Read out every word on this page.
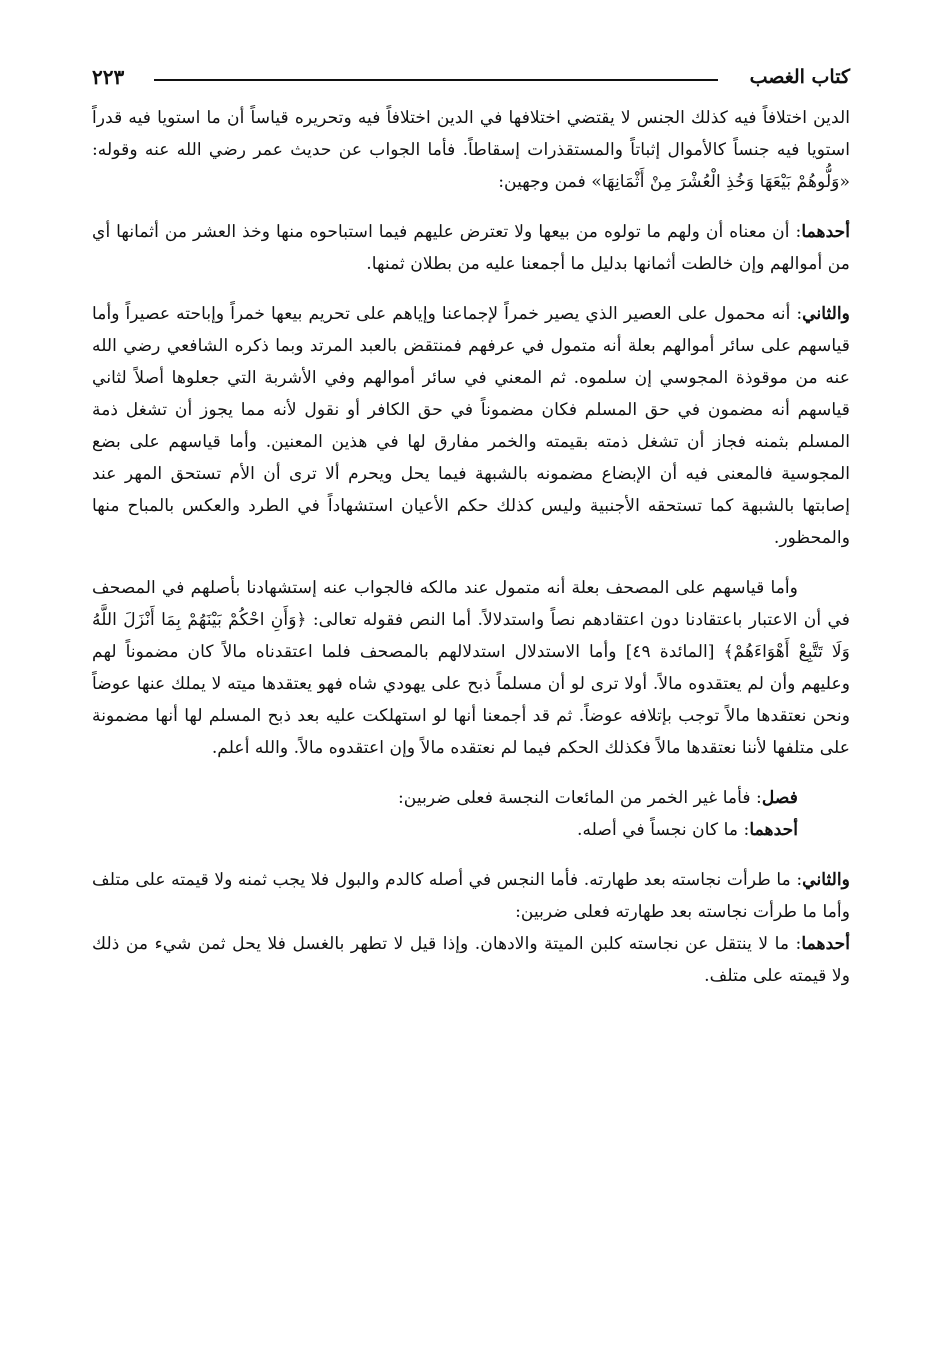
كتاب الغصب
٢٢٣

الدين اختلافاً فيه كذلك الجنس لا يقتضي اختلافها في الدين اختلافاً فيه وتحريره قياساً أن ما استويا فيه قدراً استويا فيه جنساً كالأموال إثباتاً والمستقذرات إسقاطاً. فأما الجواب عن حديث عمر رضي الله عنه وقوله: «وَلُّوهُمْ بَيْعَهَا وَخُذِ الْعُشْرَ مِنْ أَثْمَانِهَا» فمن وجهين:

أحدهما: أن معناه أن ولهم ما تولوه من بيعها ولا تعترض عليهم فيما استباحوه منها وخذ العشر من أثمانها أي من أموالهم وإن خالطت أثمانها بدليل ما أجمعنا عليه من بطلان ثمنها.

والثاني: أنه محمول على العصير الذي يصير خمراً لإجماعنا وإياهم على تحريم بيعها خمراً وإباحته عصيراً وأما قياسهم على سائر أموالهم بعلة أنه متمول في عرفهم فمنتقض بالعبد المرتد وبما ذكره الشافعي رضي الله عنه من موقوذة المجوسي إن سلموه. ثم المعني في سائر أموالهم وفي الأشربة التي جعلوها أصلاً لثاني قياسهم أنه مضمون في حق المسلم فكان مضموناً في حق الكافر أو نقول لأنه مما يجوز أن تشغل ذمة المسلم بثمنه فجاز أن تشغل ذمته بقيمته والخمر مفارق لها في هذين المعنين. وأما قياسهم على بضع المجوسية فالمعنى فيه أن الإبضاع مضمونه بالشبهة فيما يحل ويحرم ألا ترى أن الأم تستحق المهر عند إصابتها بالشبهة كما تستحقه الأجنبية وليس كذلك حكم الأعيان استشهاداً في الطرد والعكس بالمباح منها والمحظور.

وأما قياسهم على المصحف بعلة أنه متمول عند مالكه فالجواب عنه إستشهادنا بأصلهم في المصحف في أن الاعتبار باعتقادنا دون اعتقادهم نصاً واستدلالاً. أما النص فقوله تعالى: ﴿وَأَنِ احْكُمْ بَيْنَهُمْ بِمَا أَنْزَلَ اللَّهُ وَلَا تَتَّبِعْ أَهْوَاءَهُمْ﴾ [المائدة ٤٩] وأما الاستدلال استدلالهم بالمصحف فلما اعتقدناه مالاً كان مضموناً لهم وعليهم وأن لم يعتقدوه مالاً. أولا ترى لو أن مسلماً ذبح على يهودي شاه فهو يعتقدها ميته لا يملك عنها عوضاً ونحن نعتقدها مالاً توجب بإتلافه عوضاً. ثم قد أجمعنا أنها لو استهلكت عليه بعد ذبح المسلم لها أنها مضمونة على متلفها لأننا نعتقدها مالاً فكذلك الحكم فيما لم نعتقده مالاً وإن اعتقدوه مالاً. والله أعلم.

فصل: فأما غير الخمر من المائعات النجسة فعلى ضربين:

أحدهما: ما كان نجساً في أصله.

والثاني: ما طرأت نجاسته بعد طهارته. فأما النجس في أصله كالدم والبول فلا يجب ثمنه ولا قيمته على متلف وأما ما طرأت نجاسته بعد طهارته فعلى ضربين:

أحدهما: ما لا ينتقل عن نجاسته كلبن الميتة والادهان. وإذا قيل لا تطهر بالغسل فلا يحل ثمن شيء من ذلك ولا قيمته على متلف.
